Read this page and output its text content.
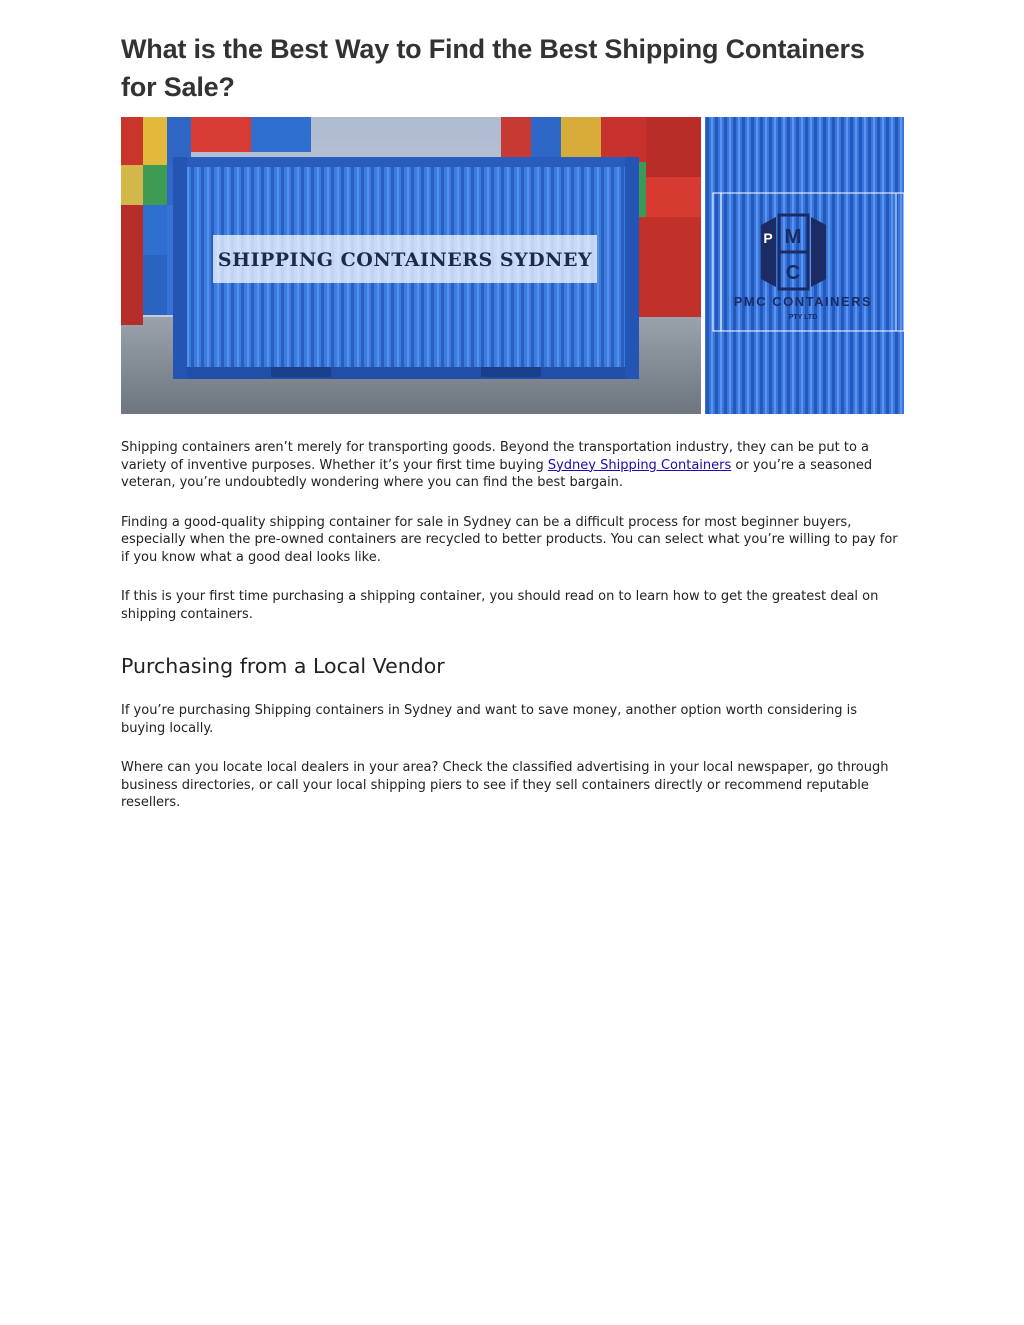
What is the Best Way to Find the Best Shipping Containers for Sale?
SHIPPING CONTAINERS SYDNEY
M
C
P
PMC CONTAINERS
PTY LTD

Shipping containers aren’t merely for transporting goods. Beyond the transportation industry, they can be put to a variety of inventive purposes. Whether it’s your first time buying Sydney Shipping Containers or you’re a seasoned veteran, you’re undoubtedly wondering where you can find the best bargain.

Finding a good-quality shipping container for sale in Sydney can be a difficult process for most beginner buyers, especially when the pre-owned containers are recycled to better products. You can select what you’re willing to pay for if you know what a good deal looks like.

If this is your first time purchasing a shipping container, you should read on to learn how to get the greatest deal on shipping containers.

Purchasing from a Local Vendor

If you’re purchasing Shipping containers in Sydney and want to save money, another option worth considering is buying locally.

Where can you locate local dealers in your area? Check the classified advertising in your local newspaper, go through business directories, or call your local shipping piers to see if they sell containers directly or recommend reputable resellers.
